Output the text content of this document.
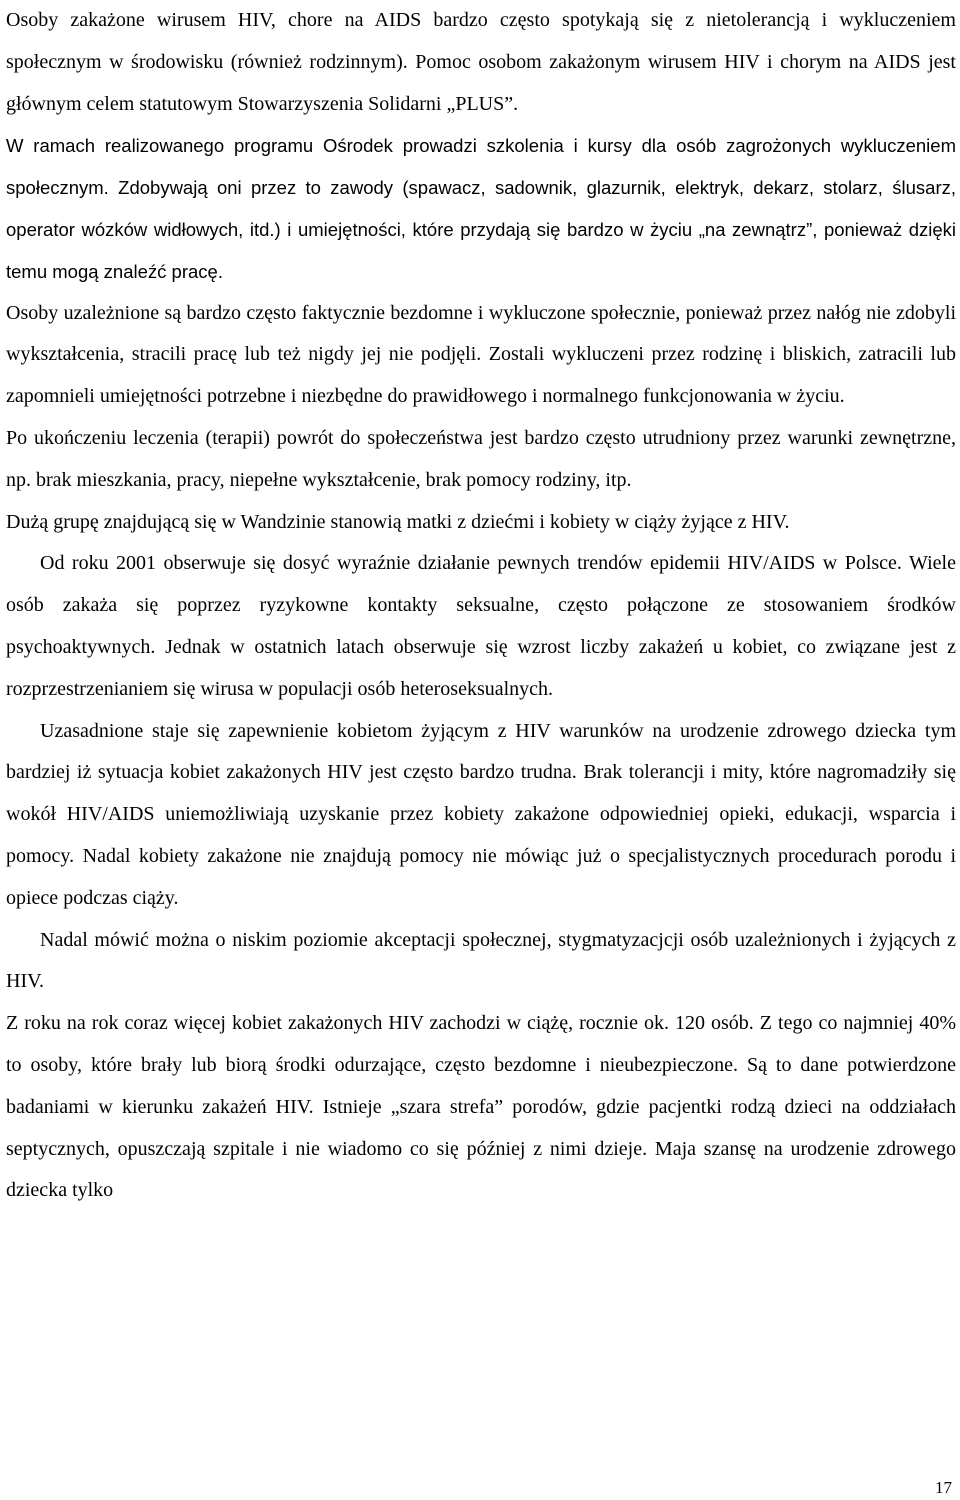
Osoby zakażone wirusem HIV, chore na AIDS bardzo często spotykają się z nietolerancją i wykluczeniem społecznym w środowisku (również rodzinnym). Pomoc osobom zakażonym wirusem HIV i chorym na AIDS jest głównym celem statutowym Stowarzyszenia Solidarni „PLUS”.

W ramach realizowanego programu Ośrodek prowadzi szkolenia i kursy dla osób zagrożonych wykluczeniem społecznym. Zdobywają oni przez to zawody (spawacz, sadownik, glazurnik, elektryk, dekarz, stolarz, ślusarz, operator wózków widłowych, itd.) i umiejętności, które przydają się bardzo w życiu „na zewnątrz”, ponieważ dzięki temu mogą znaleźć pracę.

Osoby uzależnione są bardzo często faktycznie bezdomne i wykluczone społecznie, ponieważ przez nałóg nie zdobyli wykształcenia, stracili pracę lub też nigdy jej nie podjęli. Zostali wykluczeni przez rodzinę i bliskich, zatracili lub zapomnieli umiejętności potrzebne i niezbędne do prawidłowego i normalnego funkcjonowania w życiu.

Po ukończeniu leczenia (terapii) powrót do społeczeństwa jest bardzo często utrudniony przez warunki zewnętrzne, np. brak mieszkania, pracy, niepełne wykształcenie, brak pomocy rodziny, itp.

Dużą grupę znajdującą się w Wandzinie stanowią matki z dziećmi i kobiety w ciąży żyjące z HIV.

Od roku 2001 obserwuje się dosyć wyraźnie działanie pewnych trendów epidemii HIV/AIDS w Polsce. Wiele osób zakaża się poprzez ryzykowne kontakty seksualne, często połączone ze stosowaniem środków psychoaktywnych. Jednak w ostatnich latach obserwuje się wzrost liczby zakażeń u kobiet, co związane jest z rozprzestrzenianiem się wirusa w populacji osób heteroseksualnych.

Uzasadnione staje się zapewnienie kobietom żyjącym z HIV warunków na urodzenie zdrowego dziecka tym bardziej iż sytuacja kobiet zakażonych HIV jest często bardzo trudna. Brak tolerancji i mity, które nagromadziły się wokół HIV/AIDS uniemożliwiają uzyskanie przez kobiety zakażone odpowiedniej opieki, edukacji, wsparcia i pomocy. Nadal kobiety zakażone nie znajdują pomocy nie mówiąc już o specjalistycznych procedurach porodu i opiece podczas ciąży.

Nadal mówić można o niskim poziomie akceptacji społecznej, stygmatyzacjcji osób uzależnionych i żyjących z HIV.

Z roku na rok coraz więcej kobiet zakażonych HIV zachodzi w ciążę, rocznie ok. 120 osób. Z tego co najmniej 40% to osoby, które brały lub biorą środki odurzające, często bezdomne i nieubezpieczone. Są to dane potwierdzone badaniami w kierunku zakażeń HIV. Istnieje „szara strefa” porodów, gdzie pacjentki rodzą dzieci na oddziałach septycznych, opuszczają szpitale i nie wiadomo co się później z nimi dzieje. Maja szansę na urodzenie zdrowego dziecka tylko

17
